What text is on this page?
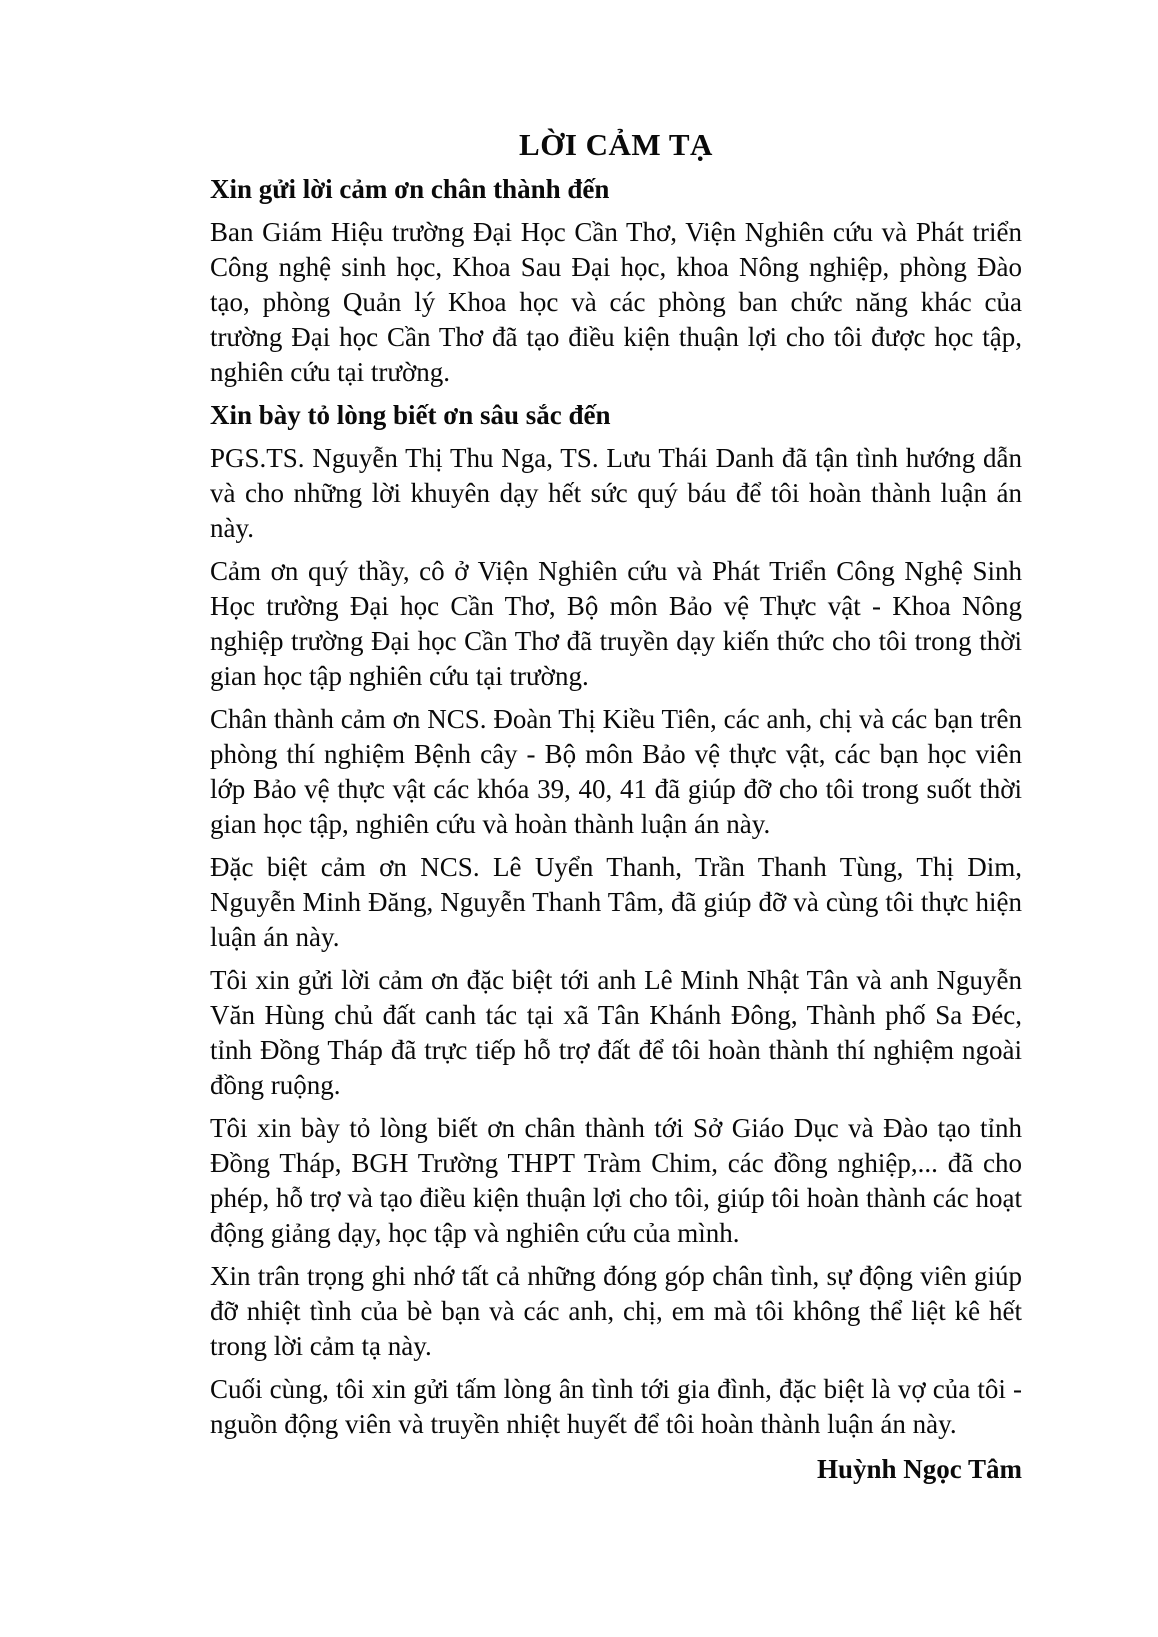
LỜI CẢM TẠ

Xin gửi lời cảm ơn chân thành đến

Ban Giám Hiệu trường Đại Học Cần Thơ, Viện Nghiên cứu và Phát triển Công nghệ sinh học, Khoa Sau Đại học, khoa Nông nghiệp, phòng Đào tạo, phòng Quản lý Khoa học và các phòng ban chức năng khác của trường Đại học Cần Thơ đã tạo điều kiện thuận lợi cho tôi được học tập, nghiên cứu tại trường.

Xin bày tỏ lòng biết ơn sâu sắc đến

PGS.TS. Nguyễn Thị Thu Nga, TS. Lưu Thái Danh đã tận tình hướng dẫn và cho những lời khuyên dạy hết sức quý báu để tôi hoàn thành luận án này.

Cảm ơn quý thầy, cô ở Viện Nghiên cứu và Phát Triển Công Nghệ Sinh Học trường Đại học Cần Thơ, Bộ môn Bảo vệ Thực vật - Khoa Nông nghiệp trường Đại học Cần Thơ đã truyền dạy kiến thức cho tôi trong thời gian học tập nghiên cứu tại trường.

Chân thành cảm ơn NCS. Đoàn Thị Kiều Tiên, các anh, chị và các bạn trên phòng thí nghiệm Bệnh cây - Bộ môn Bảo vệ thực vật, các bạn học viên lớp Bảo vệ thực vật các khóa 39, 40, 41 đã giúp đỡ cho tôi trong suốt thời gian học tập, nghiên cứu và hoàn thành luận án này.

Đặc biệt cảm ơn NCS. Lê Uyển Thanh, Trần Thanh Tùng, Thị Dim, Nguyễn Minh Đăng, Nguyễn Thanh Tâm, đã giúp đỡ và cùng tôi thực hiện luận án này.

Tôi xin gửi lời cảm ơn đặc biệt tới anh Lê Minh Nhật Tân và anh Nguyễn Văn Hùng chủ đất canh tác tại xã Tân Khánh Đông, Thành phố Sa Đéc, tỉnh Đồng Tháp đã trực tiếp hỗ trợ đất để tôi hoàn thành thí nghiệm ngoài đồng ruộng.

Tôi xin bày tỏ lòng biết ơn chân thành tới Sở Giáo Dục và Đào tạo tỉnh Đồng Tháp, BGH Trường THPT Tràm Chim, các đồng nghiệp,... đã cho phép, hỗ trợ và tạo điều kiện thuận lợi cho tôi, giúp tôi hoàn thành các hoạt động giảng dạy, học tập và nghiên cứu của mình.

Xin trân trọng ghi nhớ tất cả những đóng góp chân tình, sự động viên giúp đỡ nhiệt tình của bè bạn và các anh, chị, em mà tôi không thể liệt kê hết trong lời cảm tạ này.

Cuối cùng, tôi xin gửi tấm lòng ân tình tới gia đình, đặc biệt là vợ của tôi - nguồn động viên và truyền nhiệt huyết để tôi hoàn thành luận án này.

Huỳnh Ngọc Tâm
